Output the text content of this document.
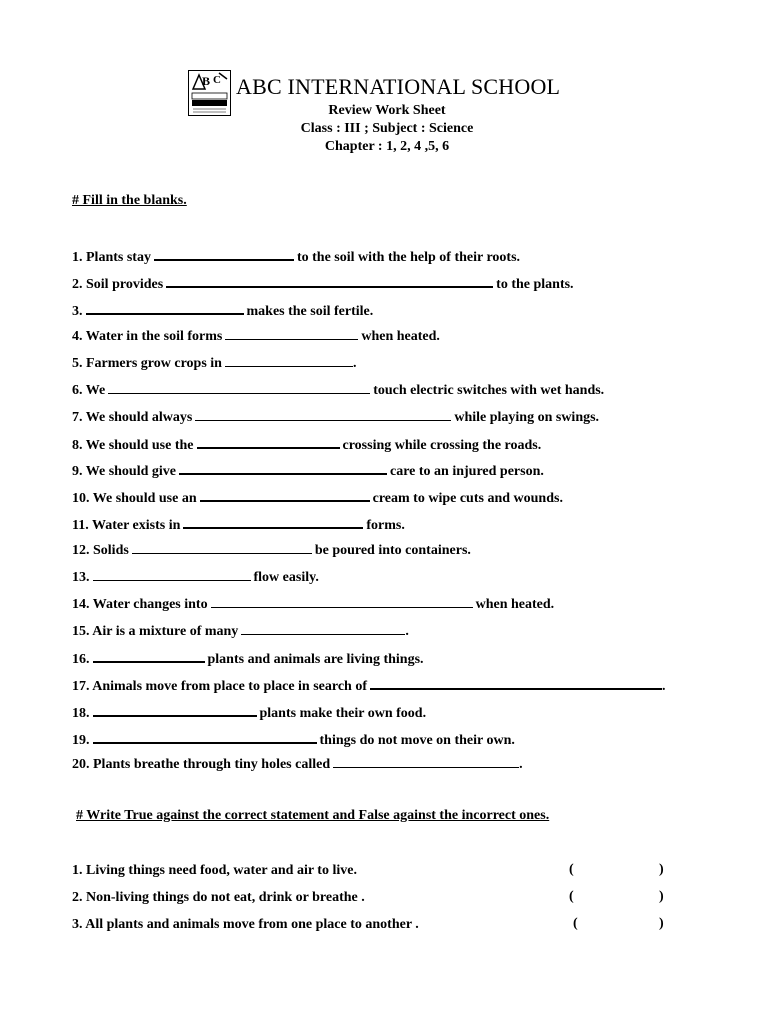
B C ABC INTERNATIONAL SCHOOL
Review Work Sheet
Class : III ; Subject : Science
Chapter : 1, 2, 4 ,5, 6
# Fill in the blanks.
1. Plants stay	to the soil with the help of their roots.
2. Soil provides	to the plants.
3.	makes the soil fertile.
4. Water in the soil forms	when heated.
5. Farmers grow crops in	.
6. We	touch electric switches with wet hands.
7. We should always	while playing on swings.
8. We should use the	crossing while crossing the roads.
9. We should give	care to an injured person.
10. We should use an	cream to wipe cuts and wounds.
11. Water exists in	forms.
12. Solids	be poured into containers.
13.	flow easily.
14. Water changes into	when heated.
15. Air is a mixture of many	.
16.	plants and animals are living things.
17. Animals move from place to place in search of	.
18.	plants make their own food.
19.	things do not move on their own.
20. Plants breathe through tiny holes called	.
# Write True against the correct statement and False against the incorrect ones.
1. Living things need food, water and air to live.	(	)
2. Non-living things do not eat, drink or breathe .	(	)
3. All plants and animals move from one place to another .	(	)
